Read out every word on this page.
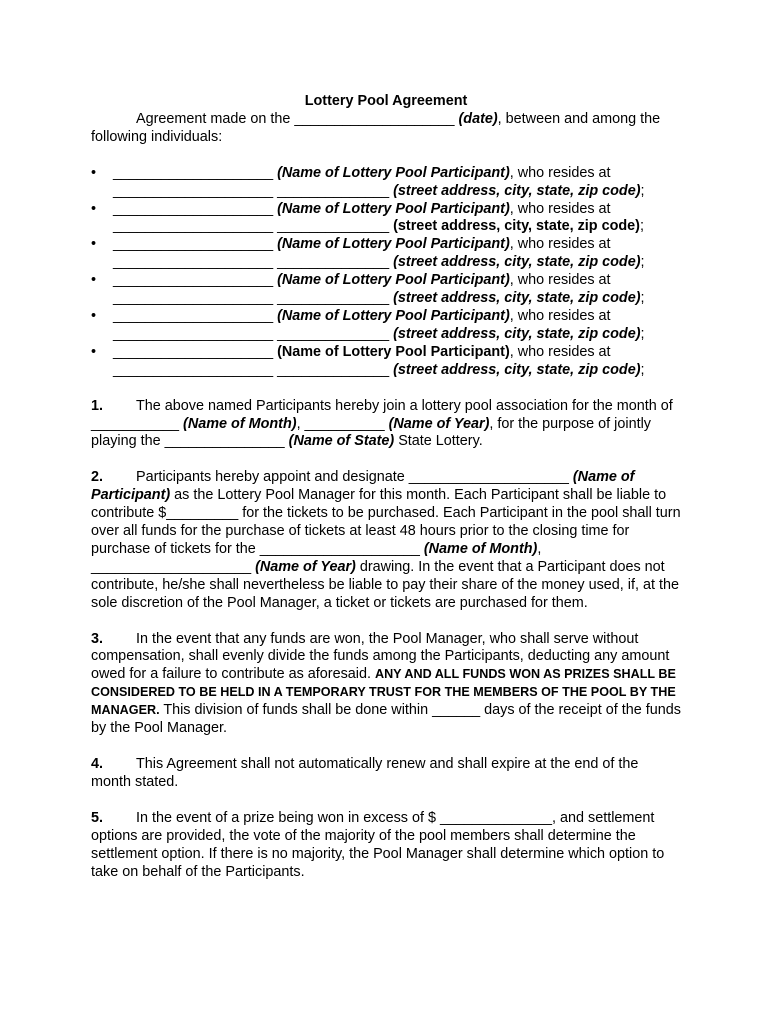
Lottery Pool Agreement

Agreement made on the ____________________ (date), between and among the following individuals:

• ____________________ (Name of Lottery Pool Participant), who resides at
____________________ ______________ (street address, city, state, zip code);
• ____________________ (Name of Lottery Pool Participant), who resides at
____________________ ______________ (street address, city, state, zip code);
• ____________________ (Name of Lottery Pool Participant), who resides at
____________________ ______________ (street address, city, state, zip code);
• ____________________ (Name of Lottery Pool Participant), who resides at
____________________ ______________ (street address, city, state, zip code);
• ____________________ (Name of Lottery Pool Participant), who resides at
____________________ ______________ (street address, city, state, zip code);
• ____________________ (Name of Lottery Pool Participant), who resides at
____________________ ______________ (street address, city, state, zip code);

1. The above named Participants hereby join a lottery pool association for the month of ___________ (Name of Month), __________ (Name of Year), for the purpose of jointly playing the _______________ (Name of State) State Lottery.

2. Participants hereby appoint and designate ____________________ (Name of Participant) as the Lottery Pool Manager for this month. Each Participant shall be liable to contribute $_________ for the tickets to be purchased. Each Participant in the pool shall turn over all funds for the purchase of tickets at least 48 hours prior to the closing time for purchase of tickets for the ____________________ (Name of Month), ____________________ (Name of Year) drawing. In the event that a Participant does not contribute, he/she shall nevertheless be liable to pay their share of the money used, if, at the sole discretion of the Pool Manager, a ticket or tickets are purchased for them.

3. In the event that any funds are won, the Pool Manager, who shall serve without compensation, shall evenly divide the funds among the Participants, deducting any amount owed for a failure to contribute as aforesaid. ANY AND ALL FUNDS WON AS PRIZES SHALL BE CONSIDERED TO BE HELD IN A TEMPORARY TRUST FOR THE MEMBERS OF THE POOL BY THE MANAGER. This division of funds shall be done within ______ days of the receipt of the funds by the Pool Manager.

4. This Agreement shall not automatically renew and shall expire at the end of the month stated.

5. In the event of a prize being won in excess of $ ______________, and settlement options are provided, the vote of the majority of the pool members shall determine the settlement option. If there is no majority, the Pool Manager shall determine which option to take on behalf of the Participants.
